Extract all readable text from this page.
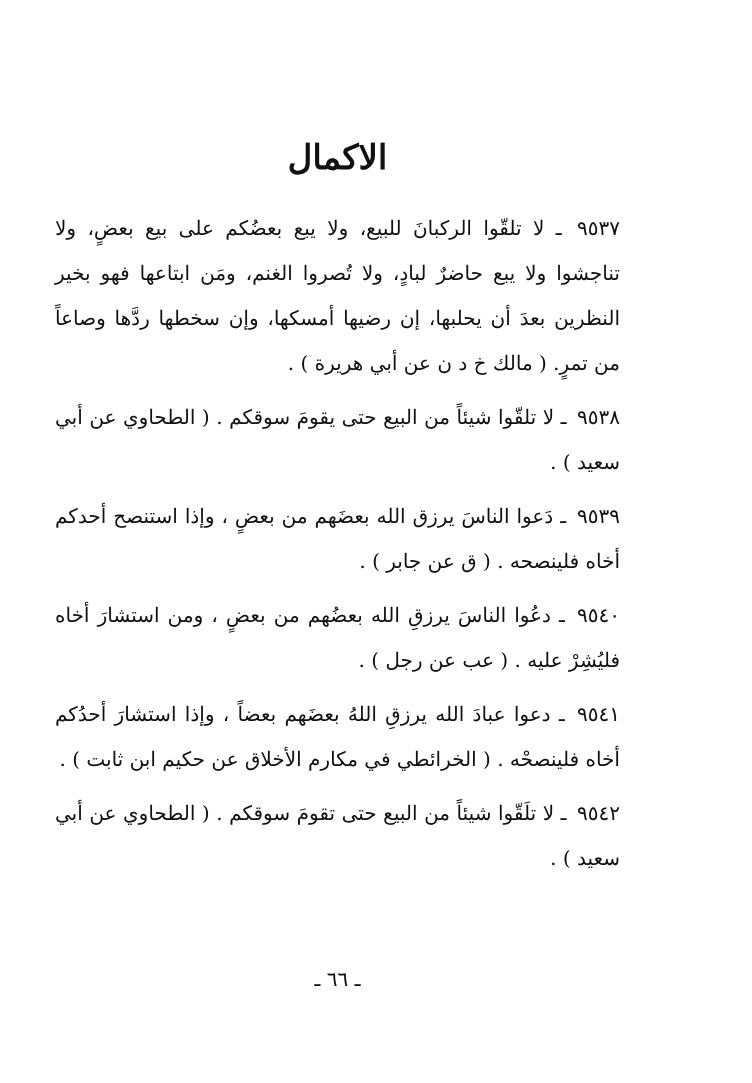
الاكمال

٩٥٣٧ ـ لا تلقّوا الركبانَ للبيع، ولا يبع بعضُكم على بيع بعضٍ، ولا تناجشوا ولا يبع حاضرٌ لبادٍ، ولا تُصروا الغنم، ومَن ابتاعها فهو بخير النظرين بعدَ أن يحلبها، إن رضيها أمسكها، وإن سخطها ردَّها وصاعاً من تمرٍ. ( مالك خ د ن عن أبي هريرة ) .

٩٥٣٨ ـ لا تلقّوا شيئاً من البيع حتى يقومَ سوقكم . ( الطحاوي عن أبي سعيد ) .

٩٥٣٩ ـ دَعوا الناسَ يرزق الله بعضَهم من بعضٍ ، وإذا استنصح أحدكم أخاه فلينصحه . ( ق عن جابر ) .

٩٥٤٠ ـ دعُوا الناسَ يرزقِ الله بعضُهم من بعضٍ ، ومن استشارَ أخاه فليُشِرْ عليه . ( عب عن رجل ) .

٩٥٤١ ـ دعوا عبادَ الله يرزقِ اللهُ بعضَهم بعضاً ، وإذا استشارَ أحدُكم أخاه فلينصحْه . ( الخرائطي في مكارم الأخلاق عن حكيم ابن ثابت ) .

٩٥٤٢ ـ لا تلَقّوا شيئاً من البيع حتى تقومَ سوقكم . ( الطحاوي عن أبي سعيد ) .

ـ ٦٦ ـ
